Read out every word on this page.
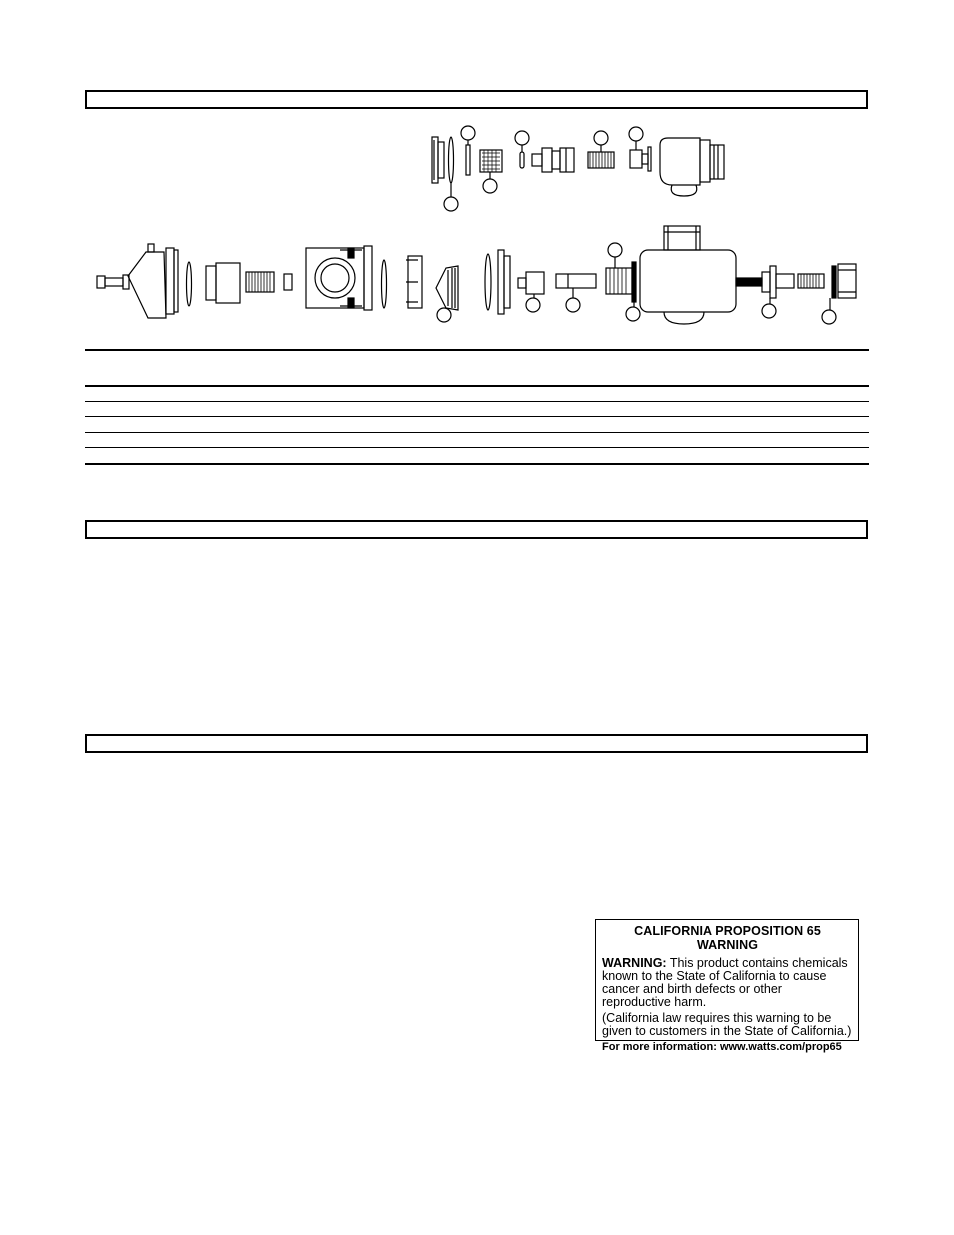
CALIFORNIA PROPOSITION 65 WARNING

WARNING: This product contains chemicals known to the State of California to cause cancer and birth defects or other reproductive harm.

(California law requires this warning to be given to customers in the State of California.)

For more information: www.watts.com/prop65
